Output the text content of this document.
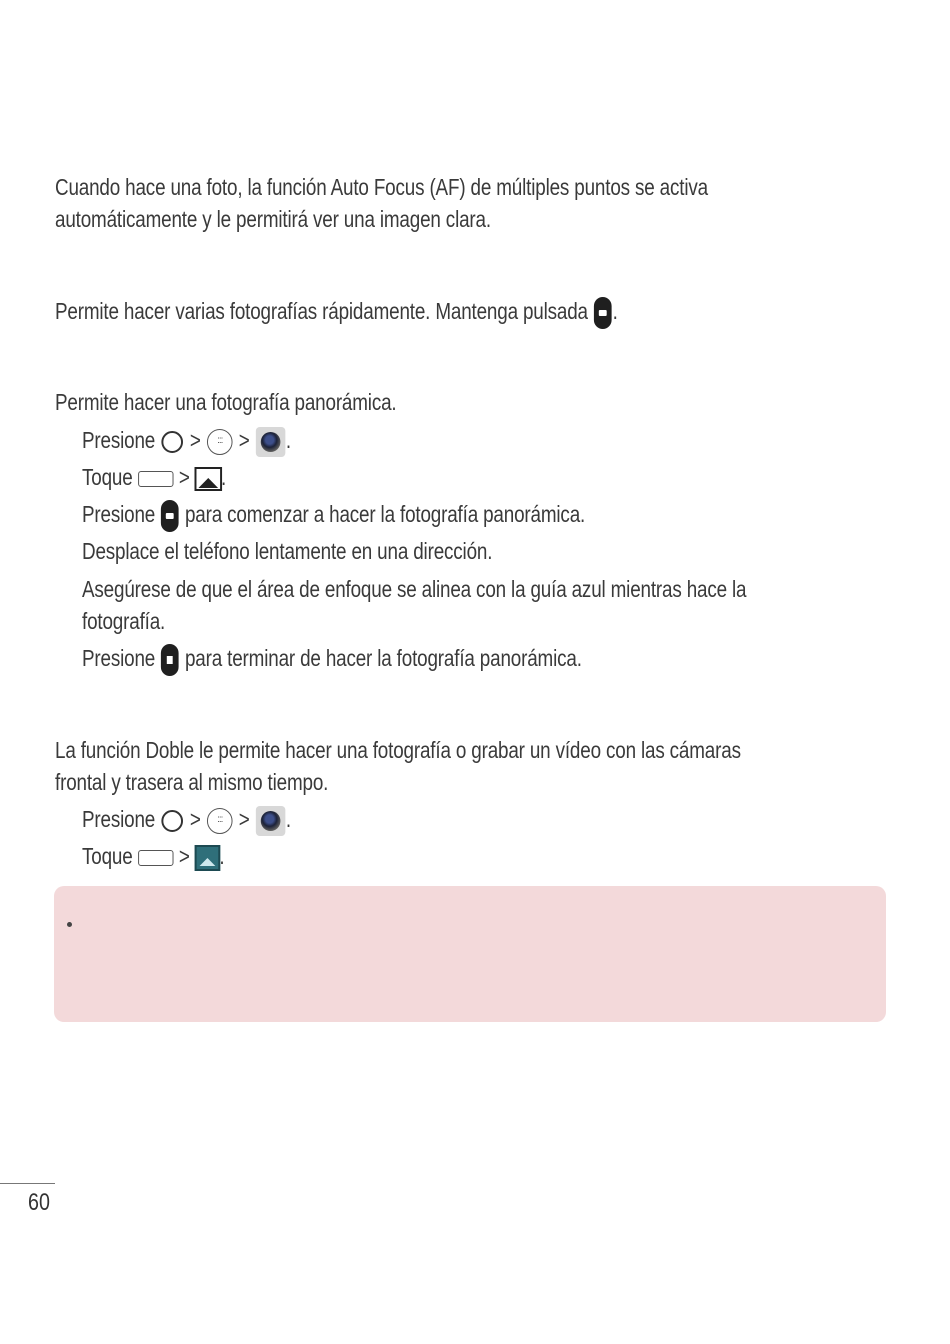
Cuando hace una foto, la función Auto Focus (AF) de múltiples puntos se activa
automáticamente y le permitirá ver una imagen clara.
Permite hacer varias fotografías rápidamente. Mantenga pulsada .
Permite hacer una fotografía panorámica.
Presione > ::: > .
Toque > .
Presione para comenzar a hacer la fotografía panorámica.
Desplace el teléfono lentamente en una dirección.
Asegúrese de que el área de enfoque se alinea con la guía azul mientras hace la
fotografía.
Presione para terminar de hacer la fotografía panorámica.
La función Doble le permite hacer una fotografía o grabar un vídeo con las cámaras
frontal y trasera al mismo tiempo.
Presione > ::: > .
Toque > .
60
